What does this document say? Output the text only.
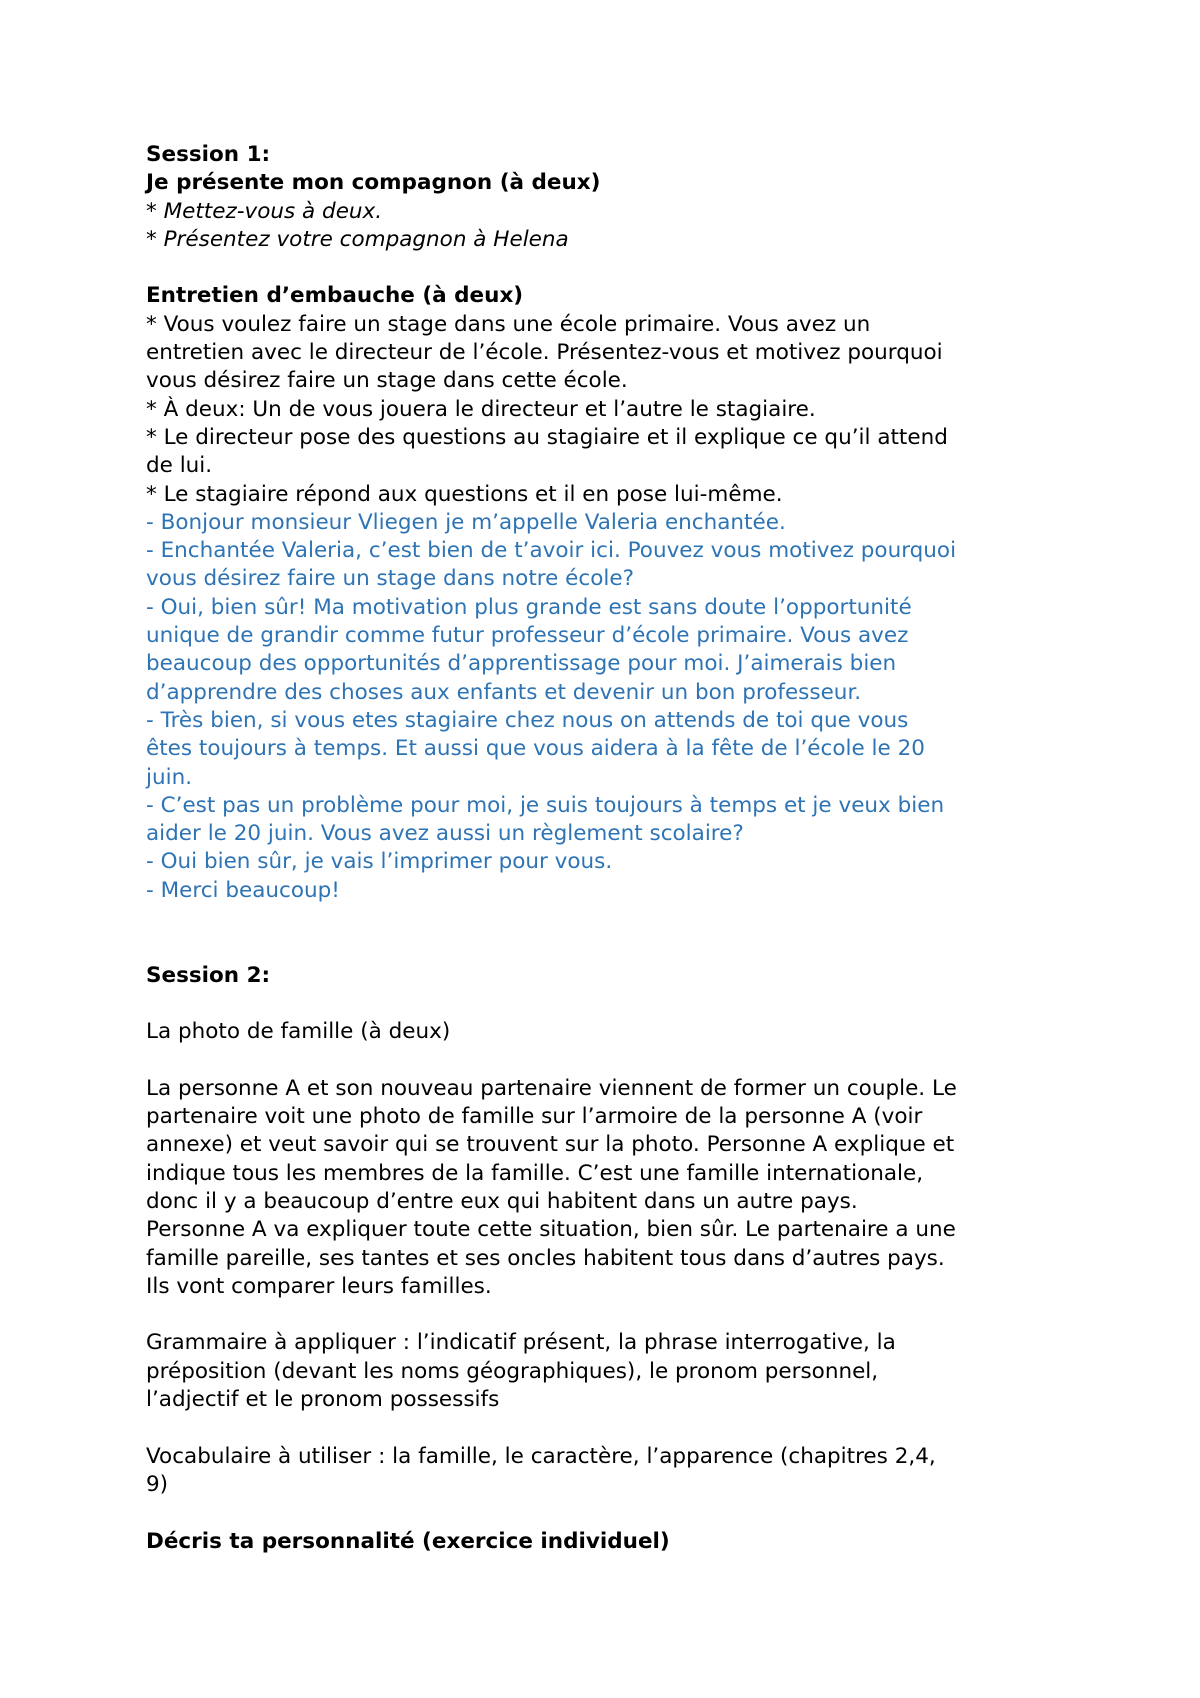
Session 1:
Je présente mon compagnon (à deux)
* Mettez-vous à deux.
* Présentez votre compagnon à Helena
Entretien d’embauche (à deux)
* Vous voulez faire un stage dans une école primaire. Vous avez un
entretien avec le directeur de l’école. Présentez-vous et motivez pourquoi
vous désirez faire un stage dans cette école.
* À deux: Un de vous jouera le directeur et l’autre le stagiaire.
* Le directeur pose des questions au stagiaire et il explique ce qu’il attend
de lui.
* Le stagiaire répond aux questions et il en pose lui-même.
- Bonjour monsieur Vliegen je m’appelle Valeria enchantée.
- Enchantée Valeria, c’est bien de t’avoir ici. Pouvez vous motivez pourquoi
vous désirez faire un stage dans notre école?
- Oui, bien sûr! Ma motivation plus grande est sans doute l’opportunité
unique de grandir comme futur professeur d’école primaire. Vous avez
beaucoup des opportunités d’apprentissage pour moi. J’aimerais bien
d’apprendre des choses aux enfants et devenir un bon professeur.
- Très bien, si vous etes stagiaire chez nous on attends de toi que vous
êtes toujours à temps. Et aussi que vous aidera à la fête de l’école le 20
juin.
- C’est pas un problème pour moi, je suis toujours à temps et je veux bien
aider le 20 juin. Vous avez aussi un règlement scolaire?
- Oui bien sûr, je vais l’imprimer pour vous.
- Merci beaucoup!
Session 2:
La photo de famille (à deux)
La personne A et son nouveau partenaire viennent de former un couple. Le
partenaire voit une photo de famille sur l’armoire de la personne A (voir
annexe) et veut savoir qui se trouvent sur la photo. Personne A explique et
indique tous les membres de la famille. C’est une famille internationale,
donc il y a beaucoup d’entre eux qui habitent dans un autre pays.
Personne A va expliquer toute cette situation, bien sûr. Le partenaire a une
famille pareille, ses tantes et ses oncles habitent tous dans d’autres pays.
Ils vont comparer leurs familles.
Grammaire à appliquer : l’indicatif présent, la phrase interrogative, la
préposition (devant les noms géographiques), le pronom personnel,
l’adjectif et le pronom possessifs
Vocabulaire à utiliser : la famille, le caractère, l’apparence (chapitres 2,4,
9)
Décris ta personnalité (exercice individuel)
